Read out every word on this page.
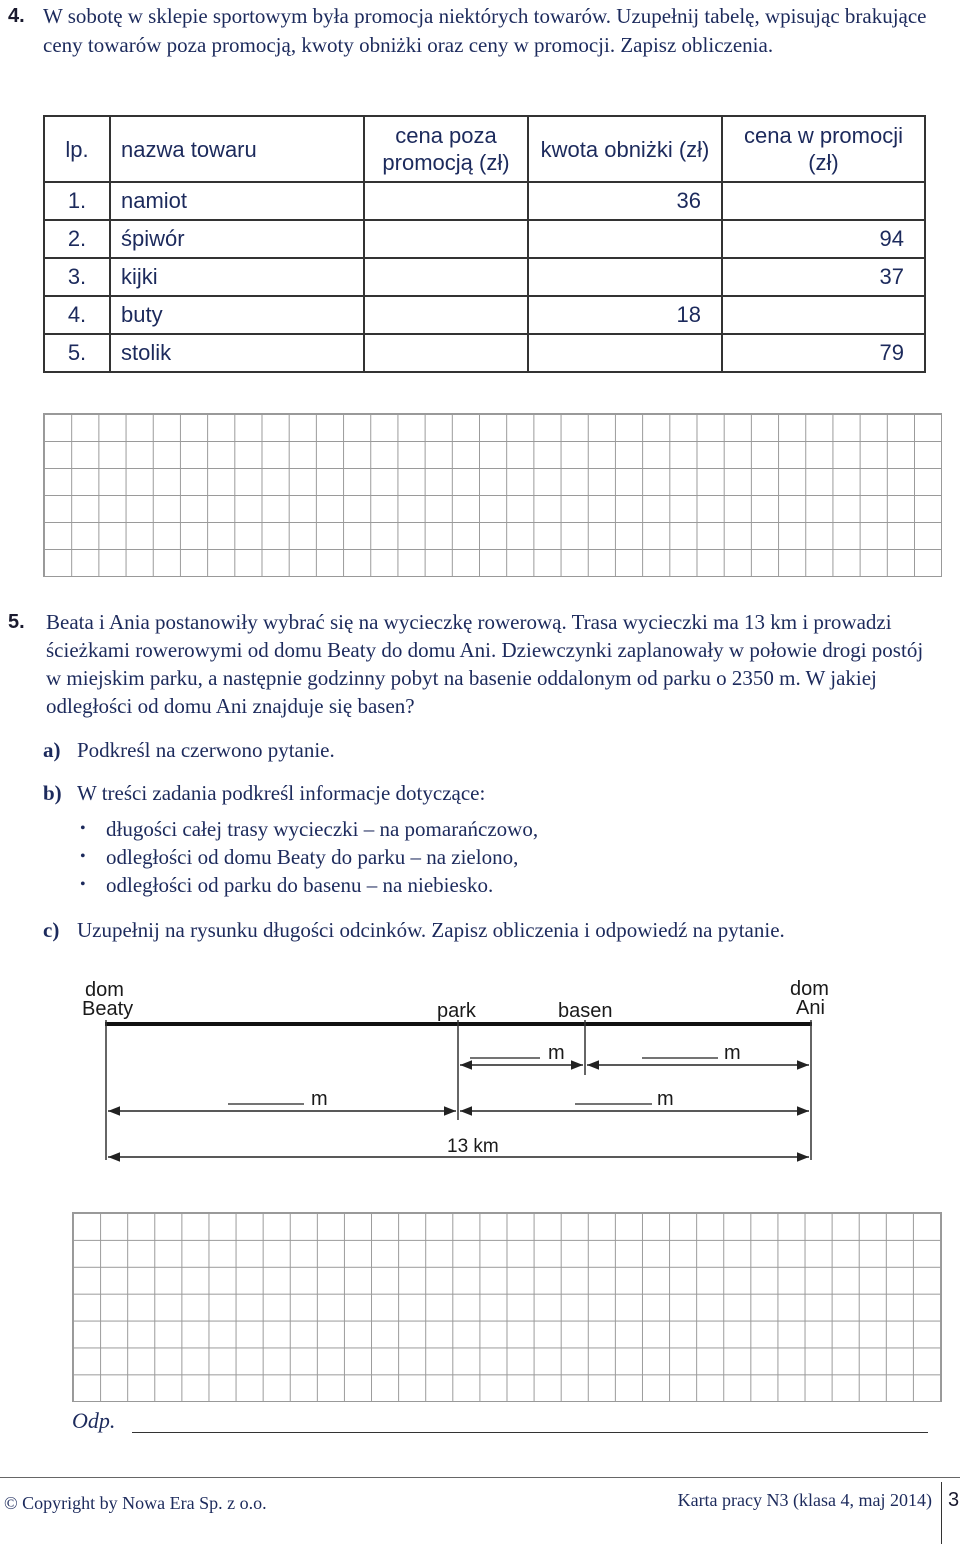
4. W sobotę w sklepie sportowym była promocja niektórych towarów. Uzupełnij tabelę, wpisując brakujące ceny towarów poza promocją, kwoty obniżki oraz ceny w promocji. Zapisz obliczenia.
lp.	nazwa towaru	cena poza promocją (zł)	kwota obniżki (zł)	cena w promocji (zł)
1.	namiot		36	
2.	śpiwór			94
3.	kijki			37
4.	buty		18	
5.	stolik			79
5. Beata i Ania postanowiły wybrać się na wycieczkę rowerową. Trasa wycieczki ma 13 km i prowadzi ścieżkami rowerowymi od domu Beaty do domu Ani. Dziewczynki zaplanowały w połowie drogi postój w miejskim parku, a następnie godzinny pobyt na basenie oddalonym od parku o 2350 m. W jakiej odległości od domu Ani znajduje się basen?
a) Podkreśl na czerwono pytanie.
b) W treści zadania podkreśl informacje dotyczące:
• długości całej trasy wycieczki – na pomarańczowo,
• odległości od domu Beaty do parku – na zielono,
• odległości od parku do basenu – na niebiesko.
c) Uzupełnij na rysunku długości odcinków. Zapisz obliczenia i odpowiedź na pytanie.
dom
Beaty	park	basen
dom
Ani
m	m
m	m
13 km
Odp.
© Copyright by Nowa Era Sp. z o.o.	Karta pracy N3 (klasa 4, maj 2014) 3
